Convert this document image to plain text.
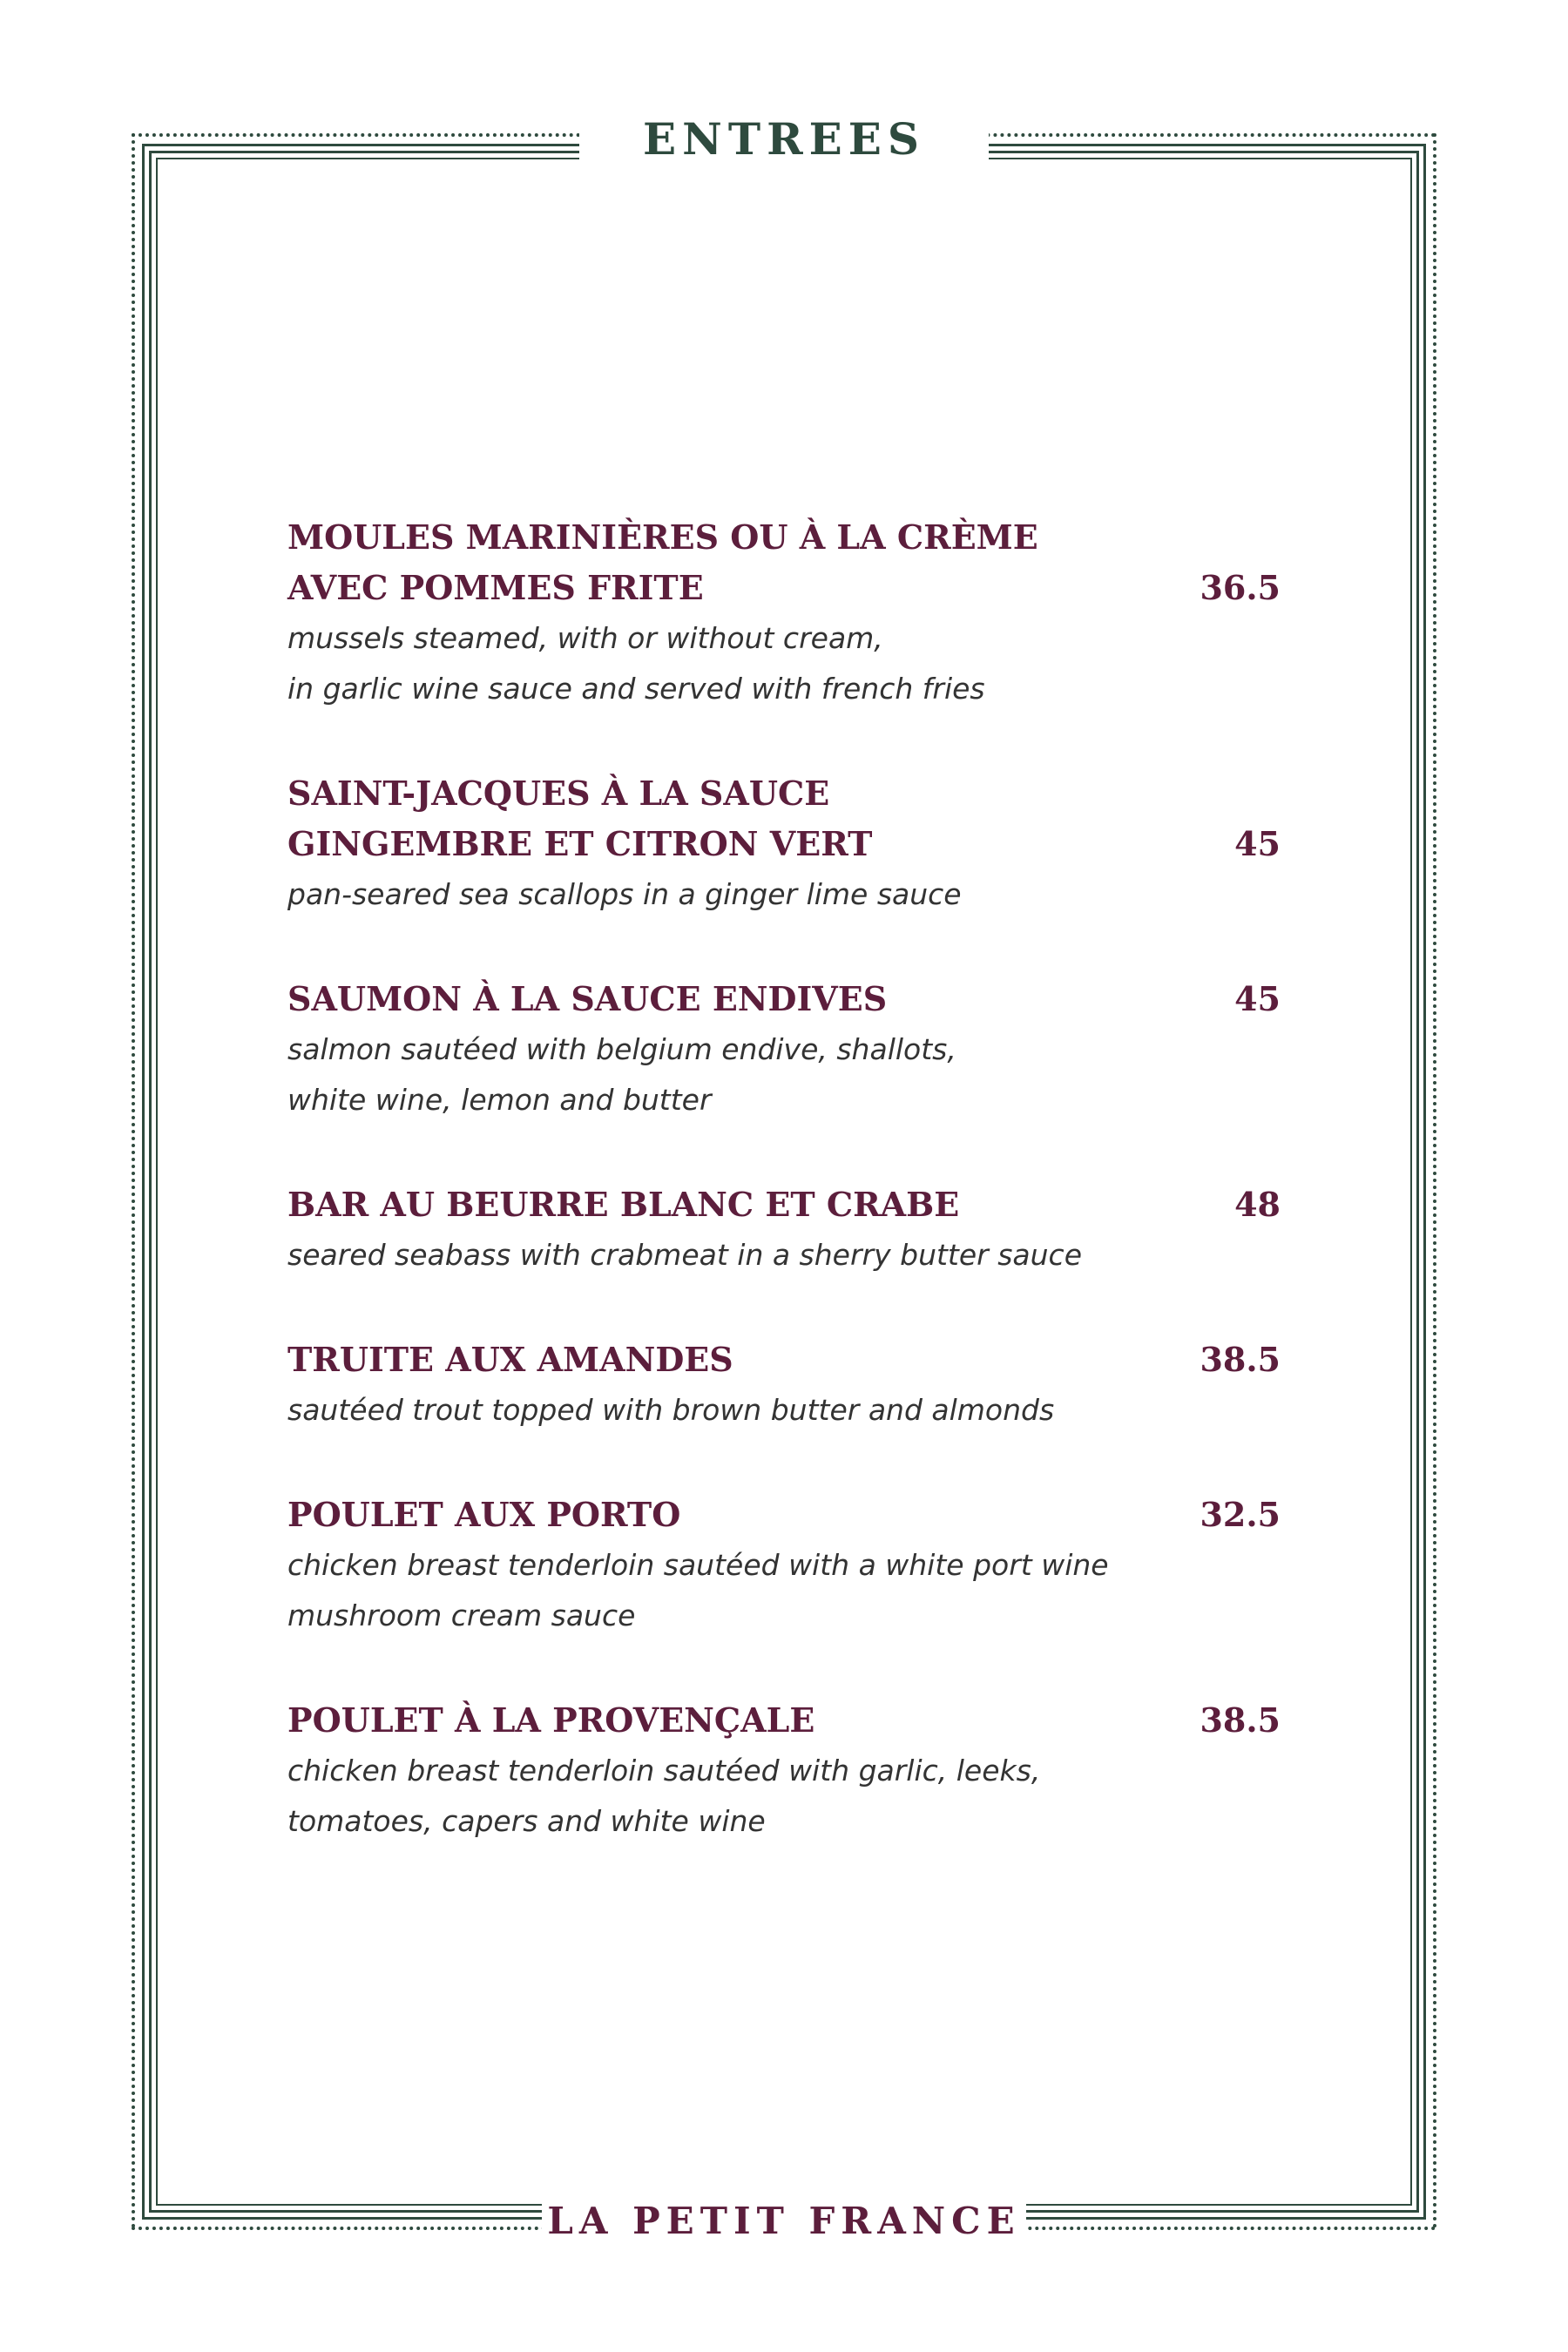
ENTREES
LA PETIT FRANCE
MOULES MARINIÈRES OU À LA CRÈME
AVEC POMMES FRITE	36.5
mussels steamed, with or without cream,
in garlic wine sauce and served with french fries
SAINT-JACQUES À LA SAUCE
GINGEMBRE ET CITRON VERT	45
pan-seared sea scallops in a ginger lime sauce
SAUMON À LA SAUCE ENDIVES	45
salmon sautéed with belgium endive, shallots,
white wine, lemon and butter
BAR AU BEURRE BLANC ET CRABE	48
seared seabass with crabmeat in a sherry butter sauce
TRUITE AUX AMANDES	38.5
sautéed trout topped with brown butter and almonds
POULET AUX PORTO	32.5
chicken breast tenderloin sautéed with a white port wine
mushroom cream sauce
POULET À LA PROVENÇALE	38.5
chicken breast tenderloin sautéed with garlic, leeks,
tomatoes, capers and white wine
